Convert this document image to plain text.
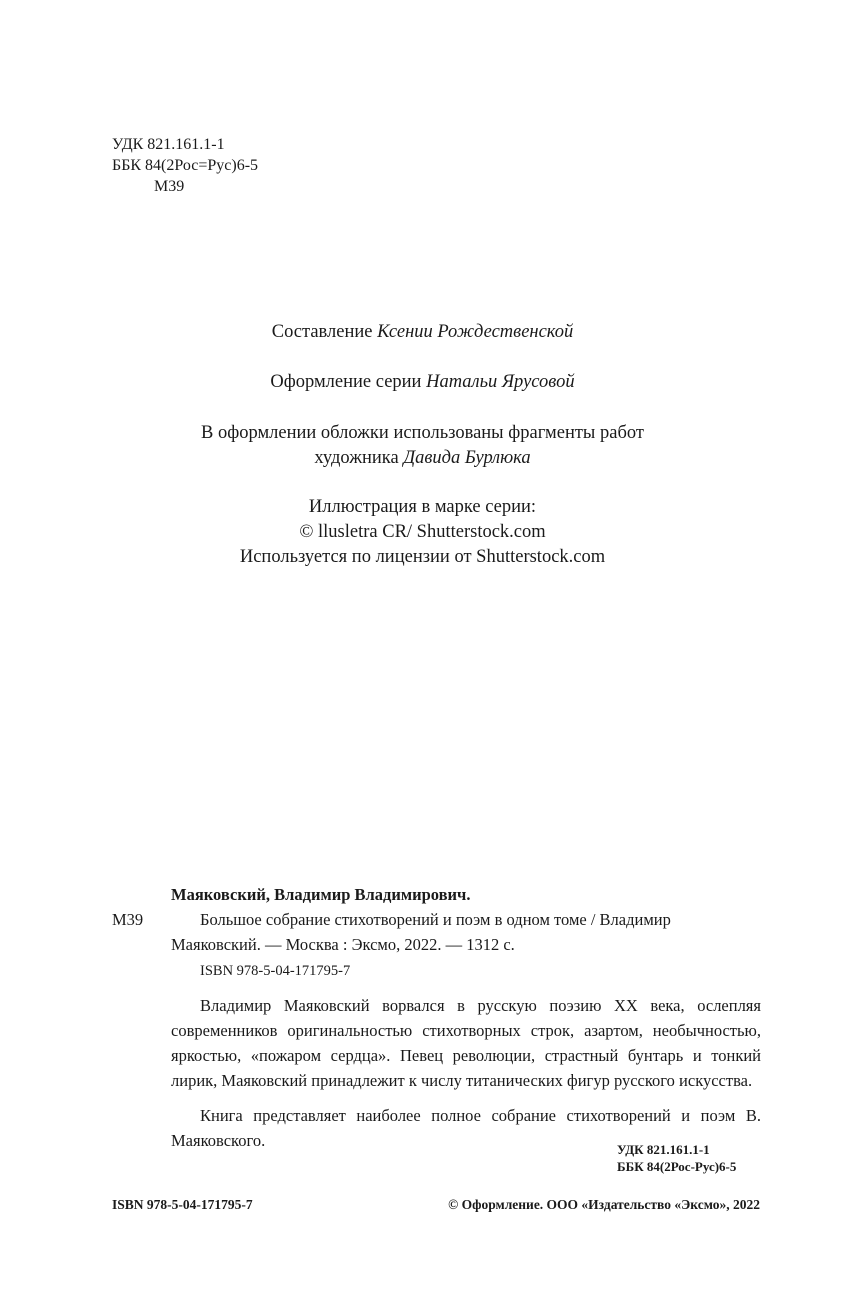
УДК 821.161.1-1
ББК 84(2Рос=Рус)6-5
М39
Составление Ксении Рождественской
Оформление серии Натальи Ярусовой
В оформлении обложки использованы фрагменты работ
художника Давида Бурлюка
Иллюстрация в марке серии:
© llusletra CR/ Shutterstock.com
Используется по лицензии от Shutterstock.com
Маяковский, Владимир Владимирович.
М39	Большое собрание стихотворений и поэм в одном томе / Владимир
Маяковский. — Москва : Эксмо, 2022. — 1312 с.
ISBN 978-5-04-171795-7
Владимир Маяковский ворвался в русскую поэзию XX века, ослепляя современников оригинальностью стихотворных строк, азартом, необычностью, яркостью, «пожаром сердца». Певец революции, страстный бунтарь и тонкий лирик, Маяковский принадлежит к числу титанических фигур русского искусства.
Книга представляет наиболее полное собрание стихотворений и поэм В. Маяковского.	УДК 821.161.1-1
ББК 84(2Рос-Рус)6-5
ISBN 978-5-04-171795-7	© Оформление. ООО «Издательство «Эксмо», 2022
